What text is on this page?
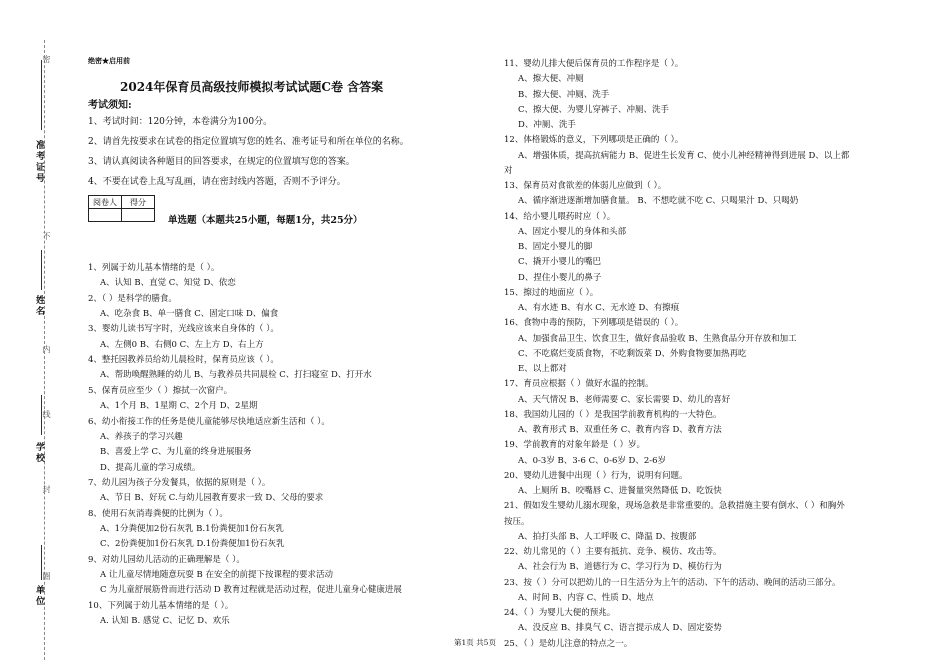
准考证号
姓名
学校
单位
密
不
内
线
封
圈
绝密★启用前
2024年保育员高级技师模拟考试试题C卷 含答案
考试须知:
1、考试时间：120分钟，本卷满分为100分。
2、请首先按要求在试卷的指定位置填写您的姓名、准考证号和所在单位的名称。
3、请认真阅读各种题目的回答要求，在规定的位置填写您的答案。
4、不要在试卷上乱写乱画，请在密封线内答题，否则不予评分。
阅卷人	得分

单选题（本题共25小题，每题1分，共25分）
1、列属于幼儿基本情绪的是（ ）。
A、认知 B、直觉 C、知觉 D、依恋
2、（ ）是科学的膳食。
A、吃杂食 B、单一膳食 C、固定口味 D、偏食
3、婴幼儿读书写字时，光线应该来自身体的（ ）。
A、左侧0 B、右侧0 C、左上方 D、右上方
4、整托园教养员给幼儿晨检时，保育员应该（ ）。
A、帮助唤醒熟睡的幼儿 B、与教养员共同晨检 C、打扫寝室 D、打开水
5、保育员应至少（ ）擦拭一次窗户。
A、1个月 B、1星期 C、2个月 D、2星期
6、幼小衔接工作的任务是使儿童能够尽快地适应新生活和（ ）。
A、养孩子的学习兴趣
B、喜爱上学 C、为儿童的终身进展服务
D、提高儿童的学习成绩。
7、幼儿园为孩子分发餐具，依据的原则是（ ）。
A、节日 B、好玩 C.与幼儿园教育要求一致 D、父母的要求
8、使用石灰消毒粪便的比例为（ ）。
A、1分粪便加2份石灰乳 B.1份粪便加1份石灰乳
C、2份粪便加1份石灰乳 D.1份粪便加1份石灰乳
9、对幼儿园幼儿活动的正确理解是（ ）。
A 让儿童尽情地随意玩耍 B 在安全的前提下按课程的要求活动
C 为儿童舒展筋骨而进行活动 D 教育过程就是活动过程，促进儿童身心健康进展
10、下列属于幼儿基本情绪的是（ ）。
A. 认知 B. 感觉 C、记忆 D、欢乐
11、婴幼儿排大便后保育员的工作程序是（ ）。
A、擦大便、冲厕
B、擦大便、冲厕、洗手
C、擦大便、为婴儿穿裤子、冲厕、洗手
D、冲厕、洗手
12、体格锻炼的意义，下列哪项是正确的（ ）。
A、增强体质，提高抗病能力 B、促进生长发育 C、使小儿神经精神得到进展 D、以上都
对
13、保育员对食欲差的体弱儿应做到（ ）。
A、循序渐进逐渐增加膳食量。 B、不想吃就不吃 C、只喝果汁 D、只喝奶
14、给小婴儿喂药时应（ ）。
A、固定小婴儿的身体和头部
B、固定小婴儿的脚
C、撬开小婴儿的嘴巴
D、捏住小婴儿的鼻子
15、擦过的地面应（ ）。
A、有水迹 B、有水 C、无水迹 D、有擦痕
16、食物中毒的预防，下列哪项是错误的（ ）。
A、加强食品卫生、饮食卫生，做好食品验收 B、生熟食品分开存放和加工
C、不吃腐烂变质食物，不吃剩饭菜 D、外购食物要加热再吃
E、以上都对
17、育员应根据（ ）做好水温的控制。
A、天气情况 B、老师需要 C、家长需要 D、幼儿的喜好
18、我国幼儿园的（ ）是我国学前教育机构的一大特色。
A、教育形式 B、双重任务 C、教育内容 D、教育方法
19、学前教育的对象年龄是（ ）岁。
A、0-3岁 B、3-6 C、0-6岁 D、2-6岁
20、婴幼儿进餐中出现（ ）行为，说明有问题。
A、上厕所 B、咬嘴唇 C、进餐量突然降低 D、吃饭快
21、假如发生婴幼儿溺水现象，现场急救是非常重要的。急救措施主要有倒水、（ ）和胸外
按压。
A、拍打头部 B、人工呼吸 C、降温 D、按腹部
22、幼儿常见的（ ）主要有抵抗、竞争、模仿、攻击等。
A、社会行为 B、道德行为 C、学习行为 D、模仿行为
23、按（ ）分可以把幼儿的一日生活分为上午的活动、下午的活动、晚间的活动三部分。
A、时间 B、内容 C、性质 D、地点
24、（ ）为婴儿大便的预兆。
A、没反应 B、排臭气 C、语言提示成人 D、固定姿势
25、（ ）是幼儿注意的特点之一。
第1页 共5页
